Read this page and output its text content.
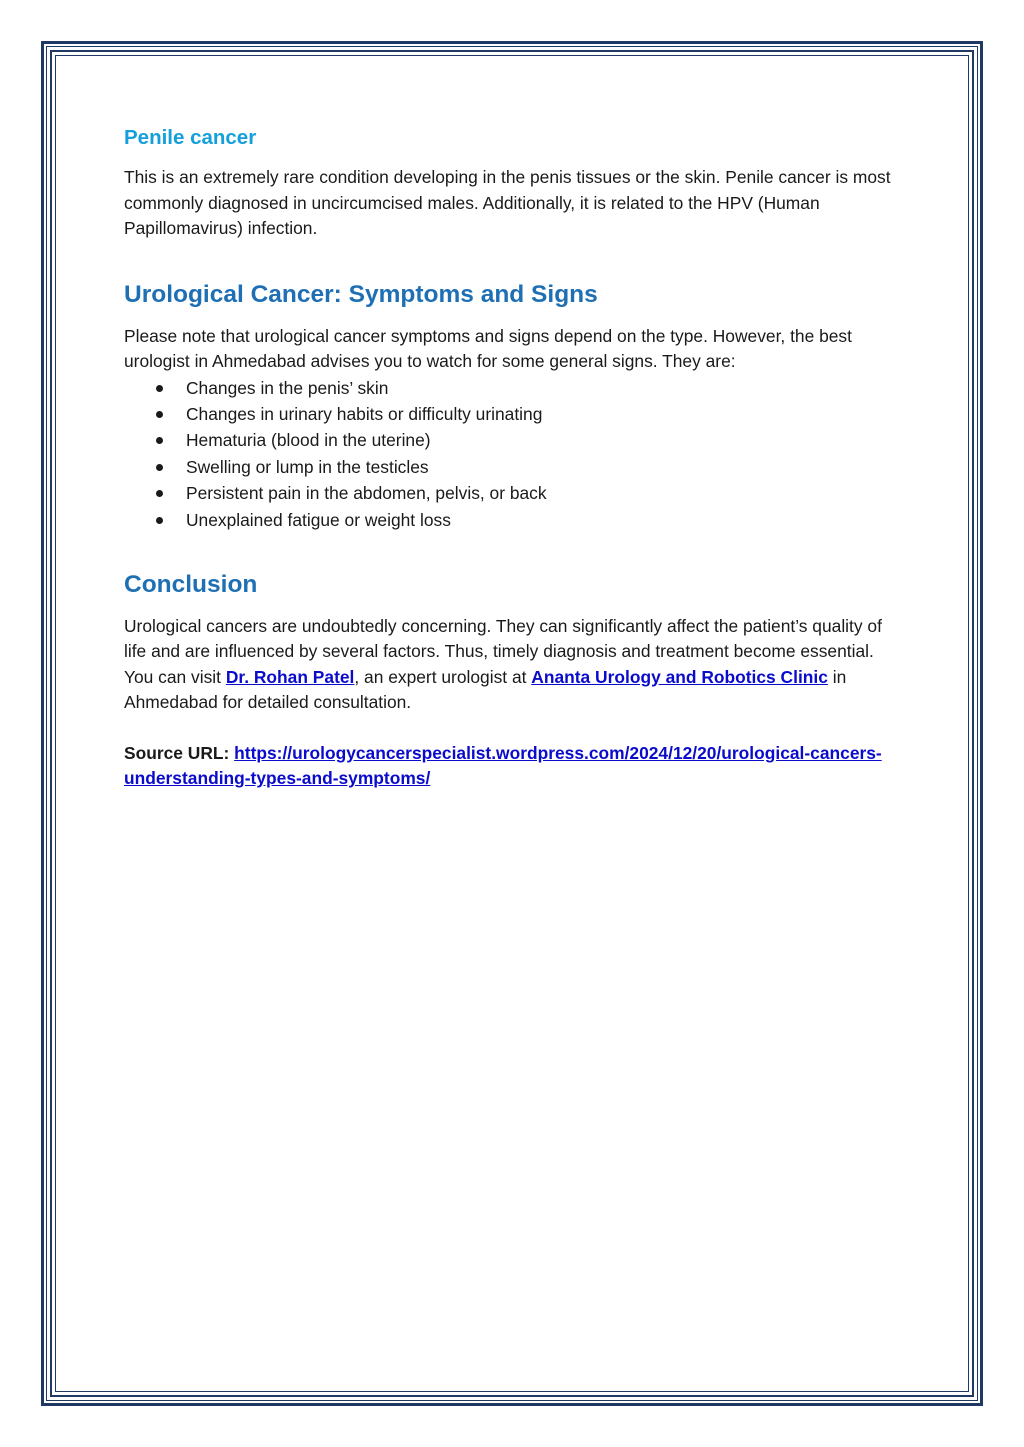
Penile cancer

This is an extremely rare condition developing in the penis tissues or the skin. Penile cancer is most commonly diagnosed in uncircumcised males. Additionally, it is related to the HPV (Human Papillomavirus) infection.

Urological Cancer: Symptoms and Signs

Please note that urological cancer symptoms and signs depend on the type. However, the best urologist in Ahmedabad advises you to watch for some general signs. They are:

Changes in the penis’ skin
Changes in urinary habits or difficulty urinating
Hematuria (blood in the uterine)
Swelling or lump in the testicles
Persistent pain in the abdomen, pelvis, or back
Unexplained fatigue or weight loss
Conclusion

Urological cancers are undoubtedly concerning. They can significantly affect the patient’s quality of life and are influenced by several factors. Thus, timely diagnosis and treatment become essential. You can visit Dr. Rohan Patel, an expert urologist at Ananta Urology and Robotics Clinic in Ahmedabad for detailed consultation.

Source URL: https://urologycancerspecialist.wordpress.com/2024/12/20/urological-cancers-understanding-types-and-symptoms/
